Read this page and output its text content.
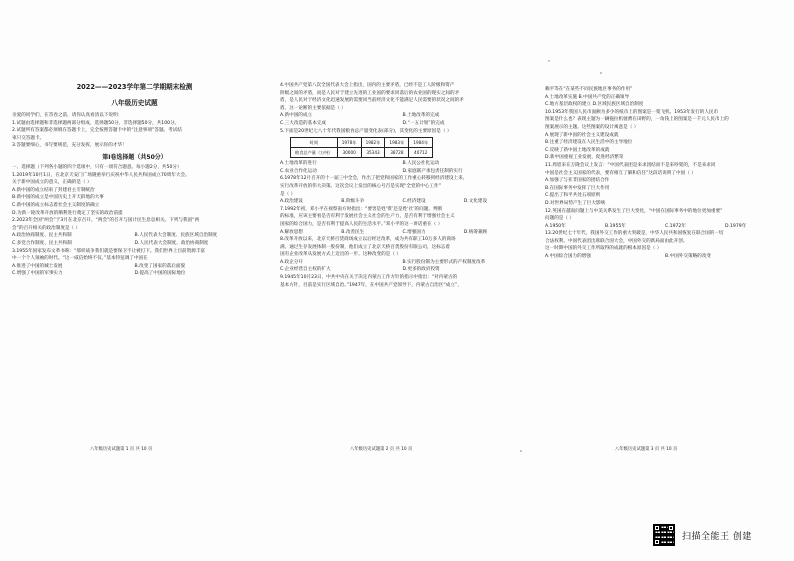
2022——2023学年第二学期期末检测
八年级历史试题
亲爱的同学们，在答卷之前，请你认真看清以下说明：
1.试题由选择题和非选择题两部分组成，选择题50分，非选择题50分，共100分。
2.试题所有答案都必须填在答题卡上，完全按照答题卡中的“注意事项”答题。考试结
束只交答题卡。
3.答题要细心，书写要规范，充分发挥，展示你的才华！
第Ⅰ卷选择题（共50分）
一、选择题（下列各小题的四个选项中，只有一项符合题意。每小题2分，共50分）
1.2019年10月1日，在北京天安门广场隆重举行庆祝中华人民共和国成立70周年大会。
关于新中国成立的意义，正确的是（ ）
A.新中国的成立结束了封建君主专制统治
B.新中国的成立是中国历史上开天辟地的大事
C.新中国的成立标志着社会主义制度的确立
D.为新一轮改革开放的顺利进行奠定了坚实的政治前提
2.2023年全国“两会”于3月在北京召开。“两会”的召开与国计民生息息相关。下列与我国“两
会”的召开相关的政治制度是（ ）
A.政治协商制度、民主共和制	B.人民代表大会制度、民族区域自治制度
C.多党合作制度、民主共和制	D.人民代表大会制度、政治协商制度
3.1955年国家发布文革书称：“那样战争我们就是要保卫不让被打下。我们世界上目前资源丰富
中一个个人领袖的时代。“这一威信始终不仅。”基本特征调了中国在
A.推进了中国的城士发展	B.改变了国家的落后面貌
C.增强了中国的军事实力	D.提高了中国的国际地位
4.中国共产党第八次全国代表大会上指出，国内的主要矛盾，已经不是工人阶级和资产
阶级之间的矛盾，而是人民对于建立先进的工业国的要求同落后的农业国的现实之间的矛
盾，是人民对于经济文化迅速发展的需要同当前经济文化不能满足人民需要的状况之间的矛
盾。这一论断的主要依据是（ ）
A.新中国的成立	B.土地改革的完成
C.三大改造的基本完成	D.“一五计划”的完成
5.下面是20世纪七八十年代我国粮食总产量变化表(部分)，其变化的主要原因是（ ）
时间	1978年	1982年	1983年	1984年
粮食总产量（万吨）	30000	35343	38728	40712
A.土地改革的进行	B.人民公社化运动
C.农业合作化运动	D.家庭联产承包责任制的实行
6.1978年12月召开的十一届三中全会，作出了把党和国家的工作重心转移到经济建设上来、
实行改革开放的伟大决策。这次会议上发出的核心号召是实现“全党的中心工作”
是（ ）
A.政治建设	B.阶级斗争	C.经济建设	D.文化建设
7.1992年初，邓小平在视察南方时指出：“要害是姓‘资’还是姓‘社’的问题。判断
的标准，应该主要看是否有利于发展社会主义社会的生产力，是否有利于增强社会主义
国家的综合国力，是否有利于提高人民的生活水平。”邓小平的这一讲话重在（ ）
A.解放思想	B.改善民生	C.增强国力	D.统筹兼顾
8.改革开放以来，北京天桥百货商场成立以后经过改革，成为共有职工10万多人的商场
满。通过生存发展体制一股份制，他们成立了北京天桥百货股份有限公司，这标志着
国有企业改革从发展方式上迈出的一步。这种改变的是（ ）
A.政企分开	B.实行股份制为主要形式的产权制度改革
C.企业经营自主权的扩大	D.更多的政府投资
9.1945年10月23日，中共中央在关于决定内蒙古工作方针的指示中指出：“对内蒙古的
基本方针，目前是实行区域自治。”1947年，在中国共产党领导下，内蒙古自治区“成立”，
赖平等在“在某些不同民族地区事务的作用”
A.土地改革实施 B.中国共产党的正确领导
C.地方基层政权的建立 D.区域民族区域自治制度
10.1953年我国人民币面额为多少的纸币上的图案是一架飞机。1953年发行的人民币
图案是什么也？表现主题为一辆拖拉机驰骋在田野的，一角钱上的图案是一千元人民币上的
图案展示的主题。这些图案的设计寓意是（ ）
A.展现了新中国的社会主义建设成就
B.注重了经济建设在人民生活中的主导地位
C.反映了新中国土地改革的成就
D.新中国重视工业发展，促进经济繁荣
11.周恩来在万隆会议上发言：“中国代表团是来求团结而不是来吵架的，不是来求同
中国是社会主义国家的代表，要有相互了解和信任”这段话说明了中国（ ）
A.加强了与亚非国家的团结合作
B.在国际事务中发挥了巨大作用
C.提出了和平共处五项原则
D.对世界局势产生了巨大影响
12.英国在越南问题上与中美关系发生了巨大变化，“中国在国际事务中的地位更加重要”
问题的是（ ）
A.1950年	B.1955年	C.1972年	D.1979年
13.20世纪七十年代，我国外交工作的重大突破是，中华人民共和国恢复在联合国的一切
合法权利。中国代表团出席联合国大会，中国外交的新局面由此开创。
这一时期中国的外交工作所取得的成就的根本原因是（ ）
A.中国综合国力的增强	B.中国外交策略的改变
八年级历史试题第 1 页 共 10 页	八年级历史试题第 2 页 共 10 页	八年级历史试题第 3 页 共 10 页
扫描全能王 创建
